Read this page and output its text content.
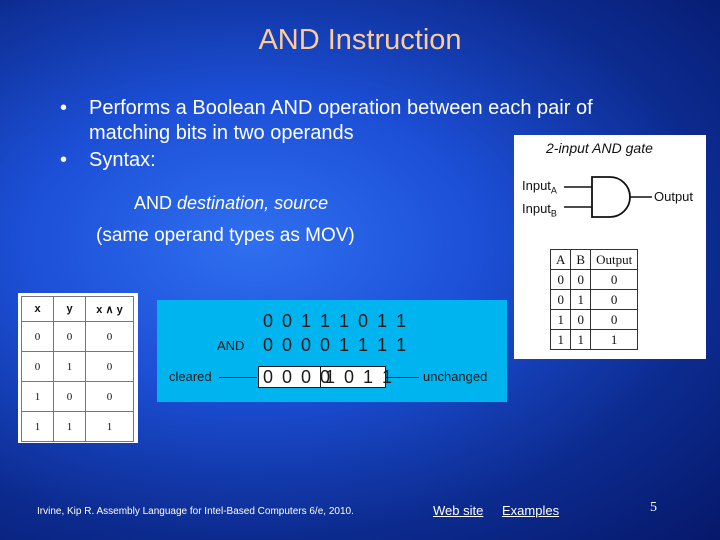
AND Instruction
• Performs a Boolean AND operation between each pair of matching bits in two operands
• Syntax:
AND destination, source
(same operand types as MOV)
2-input AND gate
Input$_A$
Input$_B$
Output
A	B	Output
0	0	0
0	1	0
1	0	0
1	1	1
x	y	x ∧ y
0	0	0
0	1	0
1	0	0
1	1	1
0 0 1 1 1 0 1 1
AND 0 0 0 0 1 1 1 1
0 0 0 0
1 0 1 1
cleared	unchanged
Irvine, Kip R. Assembly Language for Intel-Based Computers 6/e, 2010.	Web site Examples	5
